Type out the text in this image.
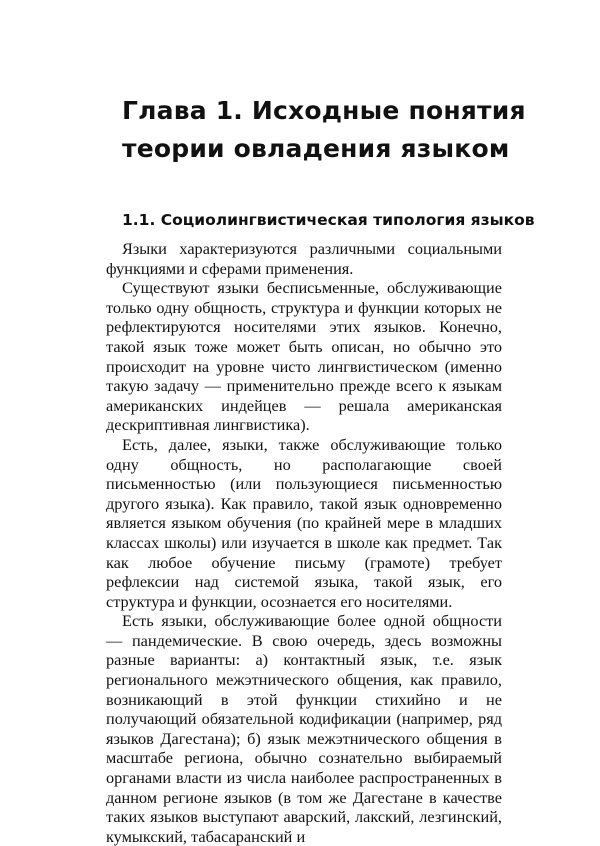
Глава 1. Исходные понятия
теории овладения языком
1.1. Социолингвистическая типология языков

Языки характеризуются различными социальными функциями и сферами применения.

Существуют языки бесписьменные, обслуживающие только одну общность, структура и функции которых не рефлектируются носителями этих языков. Конечно, такой язык тоже может быть описан, но обычно это происходит на уровне чисто лингвистическом (именно такую задачу — применительно прежде всего к языкам американских индейцев — решала американская дескриптивная лингвистика).

Есть, далее, языки, также обслуживающие только одну общность, но располагающие своей письменностью (или пользующиеся письменностью другого языка). Как правило, такой язык одновременно является языком обучения (по крайней мере в младших классах школы) или изучается в школе как предмет. Так как любое обучение письму (грамоте) требует рефлексии над системой языка, такой язык, его структура и функции, осознается его носителями.

Есть языки, обслуживающие более одной общности — пандемические. В свою очередь, здесь возможны разные варианты: а) контактный язык, т.е. язык регионального межэтнического общения, как правило, возникающий в этой функции стихийно и не получающий обязательной кодификации (например, ряд языков Дагестана); б) язык межэтнического общения в масштабе региона, обычно сознательно выбираемый органами власти из числа наиболее распространенных в данном регионе языков (в том же Дагестане в качестве таких языков выступают аварский, лакский, лезгинский, кумыкский, табасаранский и
